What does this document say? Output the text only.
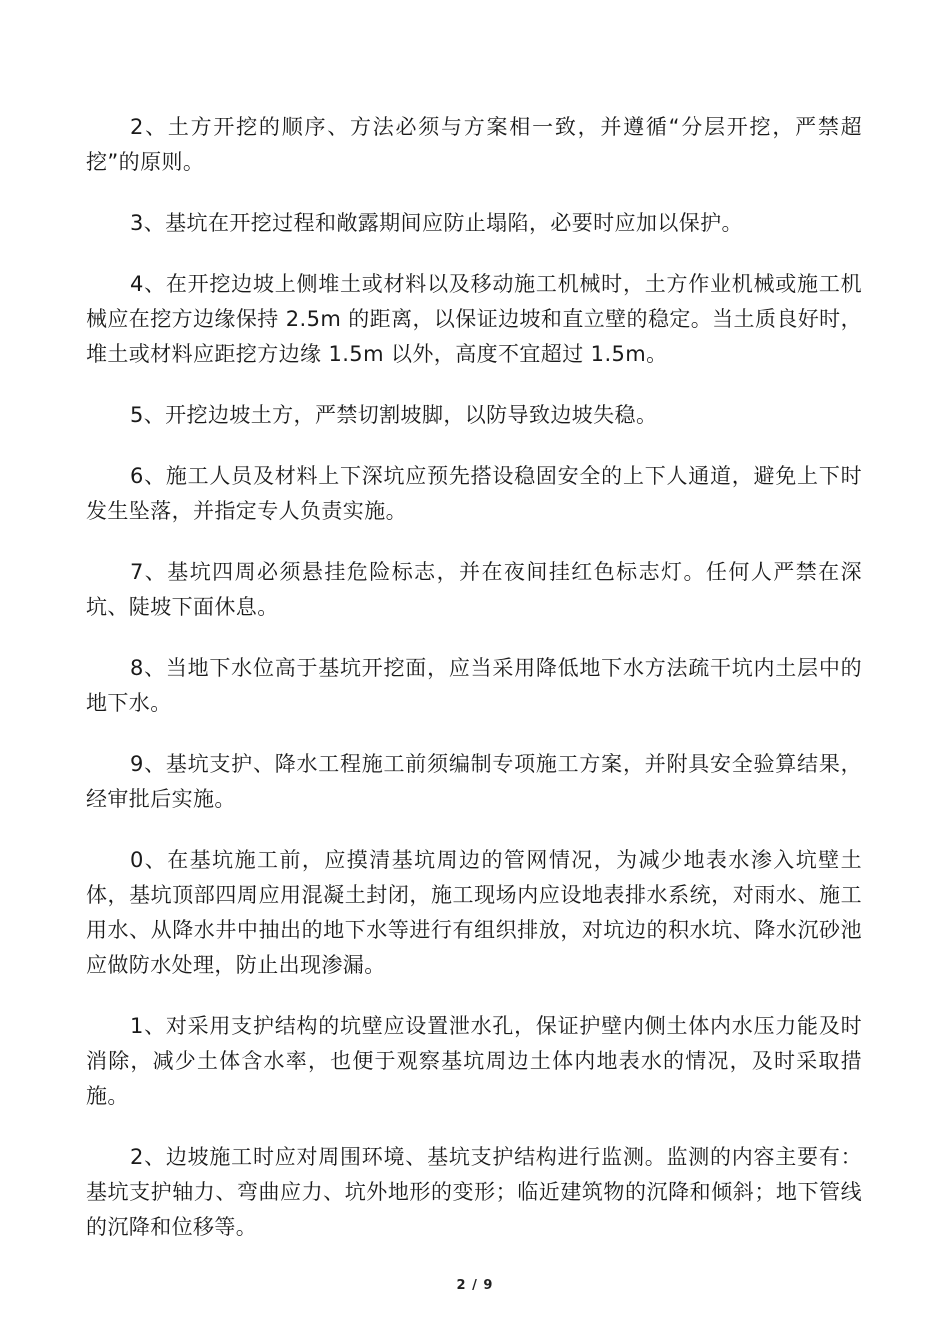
2、土方开挖的顺序、方法必须与方案相一致，并遵循“分层开挖，严禁超挖”的原则。

3、基坑在开挖过程和敞露期间应防止塌陷，必要时应加以保护。

4、在开挖边坡上侧堆土或材料以及移动施工机械时，土方作业机械或施工机械应在挖方边缘保持 2.5m 的距离，以保证边坡和直立壁的稳定。当土质良好时，堆土或材料应距挖方边缘 1.5m 以外，高度不宜超过 1.5m。

5、开挖边坡土方，严禁切割坡脚，以防导致边坡失稳。

6、施工人员及材料上下深坑应预先搭设稳固安全的上下人通道，避免上下时发生坠落，并指定专人负责实施。

7、基坑四周必须悬挂危险标志，并在夜间挂红色标志灯。任何人严禁在深坑、陡坡下面休息。

8、当地下水位高于基坑开挖面，应当采用降低地下水方法疏干坑内土层中的地下水。

9、基坑支护、降水工程施工前须编制专项施工方案，并附具安全验算结果，经审批后实施。

0、在基坑施工前，应摸清基坑周边的管网情况，为减少地表水渗入坑壁土体，基坑顶部四周应用混凝土封闭，施工现场内应设地表排水系统，对雨水、施工用水、从降水井中抽出的地下水等进行有组织排放，对坑边的积水坑、降水沉砂池应做防水处理，防止出现渗漏。

1、对采用支护结构的坑壁应设置泄水孔，保证护壁内侧土体内水压力能及时消除，减少土体含水率，也便于观察基坑周边土体内地表水的情况，及时采取措施。

2、边坡施工时应对周围环境、基坑支护结构进行监测。监测的内容主要有：基坑支护轴力、弯曲应力、坑外地形的变形；临近建筑物的沉降和倾斜；地下管线的沉降和位移等。

2 / 9
